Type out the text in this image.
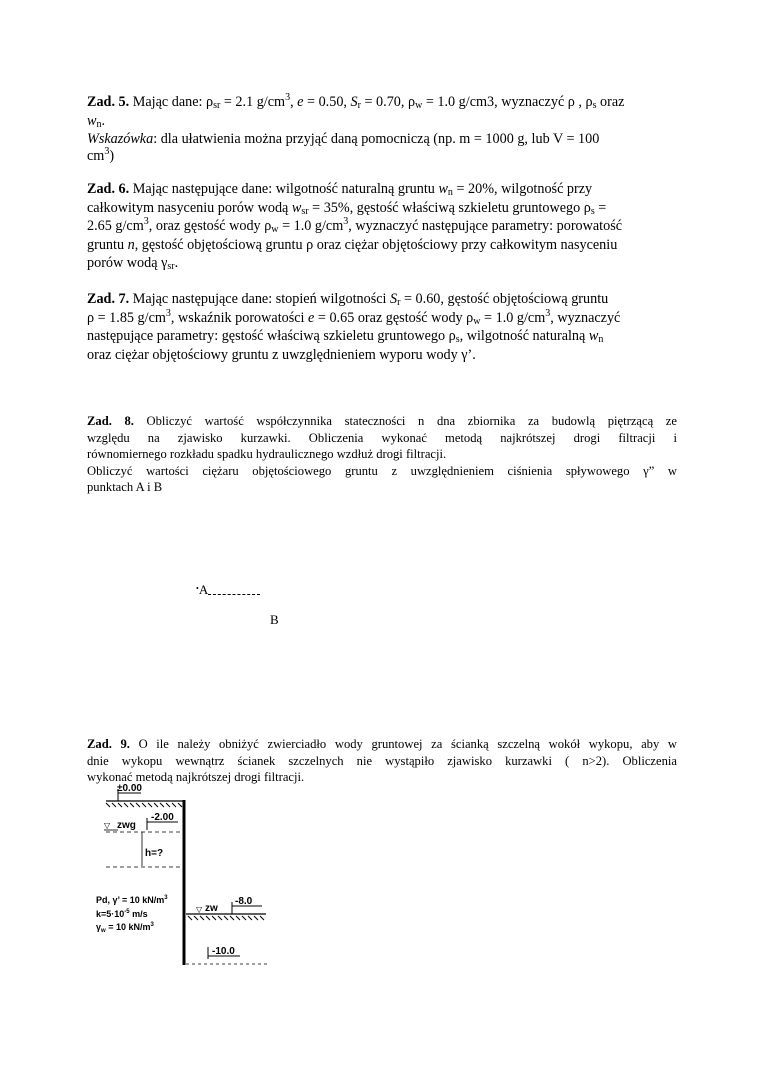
Zad. 5. Mając dane: $\rho_{sr} = 2.1$ $g/cm^3$, e = 0.50, $S_r = 0.70$, $\rho_w = 1.0$ g/cm3, wyznaczyć ρ , $\rho_s$ oraz
$w_n$.
Wskazówka: dla ułatwienia można przyjąć daną pomocniczą (np. m = 1000 g, lub V = 100
$cm^3$)
Zad. 6. Mając następujące dane: wilgotność naturalną gruntu $w_n = 20\%$, wilgotność przy
całkowitym nasyceniu porów wodą $w_{sr} = 35\%$, gęstość właściwą szkieletu gruntowego $\rho_s$ =
2.65 $g/cm^3$, oraz gęstość wody $\rho_w = 1.0$ $g/cm^3$, wyznaczyć następujące parametry: porowatość
gruntu n, gęstość objętościową gruntu ρ oraz ciężar objętościowy przy całkowitym nasyceniu
porów wodą $\gamma_{sr}$.
Zad. 7. Mając następujące dane: stopień wilgotności $S_r = 0.60$, gęstość objętościową gruntu
ρ = 1.85 $g/cm^3$, wskaźnik porowatości e = 0.65 oraz gęstość wody $\rho_w = 1.0$ $g/cm^3$, wyznaczyć
następujące parametry: gęstość właściwą szkieletu gruntowego $\rho_s$, wilgotność naturalną $w_n$
oraz ciężar objętościowy gruntu z uwzględnieniem wyporu wody γ’.
Zad. 8. Obliczyć wartość współczynnika stateczności n dna zbiornika za budowlą piętrzącą ze
względu na zjawisko kurzawki. Obliczenia wykonać metodą najkrótszej drogi filtracji i
równomiernego rozkładu spadku hydraulicznego wzdłuż drogi filtracji.
Obliczyć wartości ciężaru objętościowego gruntu z uwzględnieniem ciśnienia spływowego γ” w
punktach A i B
•A
B
Zad. 9. O ile należy obniżyć zwierciadło wody gruntowej za ścianką szczelną wokół wykopu, aby w
dnie wykopu wewnątrz ścianek szczelnych nie wystąpiło zjawisko kurzawki ( n>2). Obliczenia
wykonać metodą najkrótszej drogi filtracji.
±0.00
▽ zwg
-2.00
h=?
Pd, γ’ = 10 $kN/m^3$
$k=5\cdot 10^{-5}$ m/s
$\gamma_w = 10$ $kN/m^3$
▽ zw
-8.0
-10.0
